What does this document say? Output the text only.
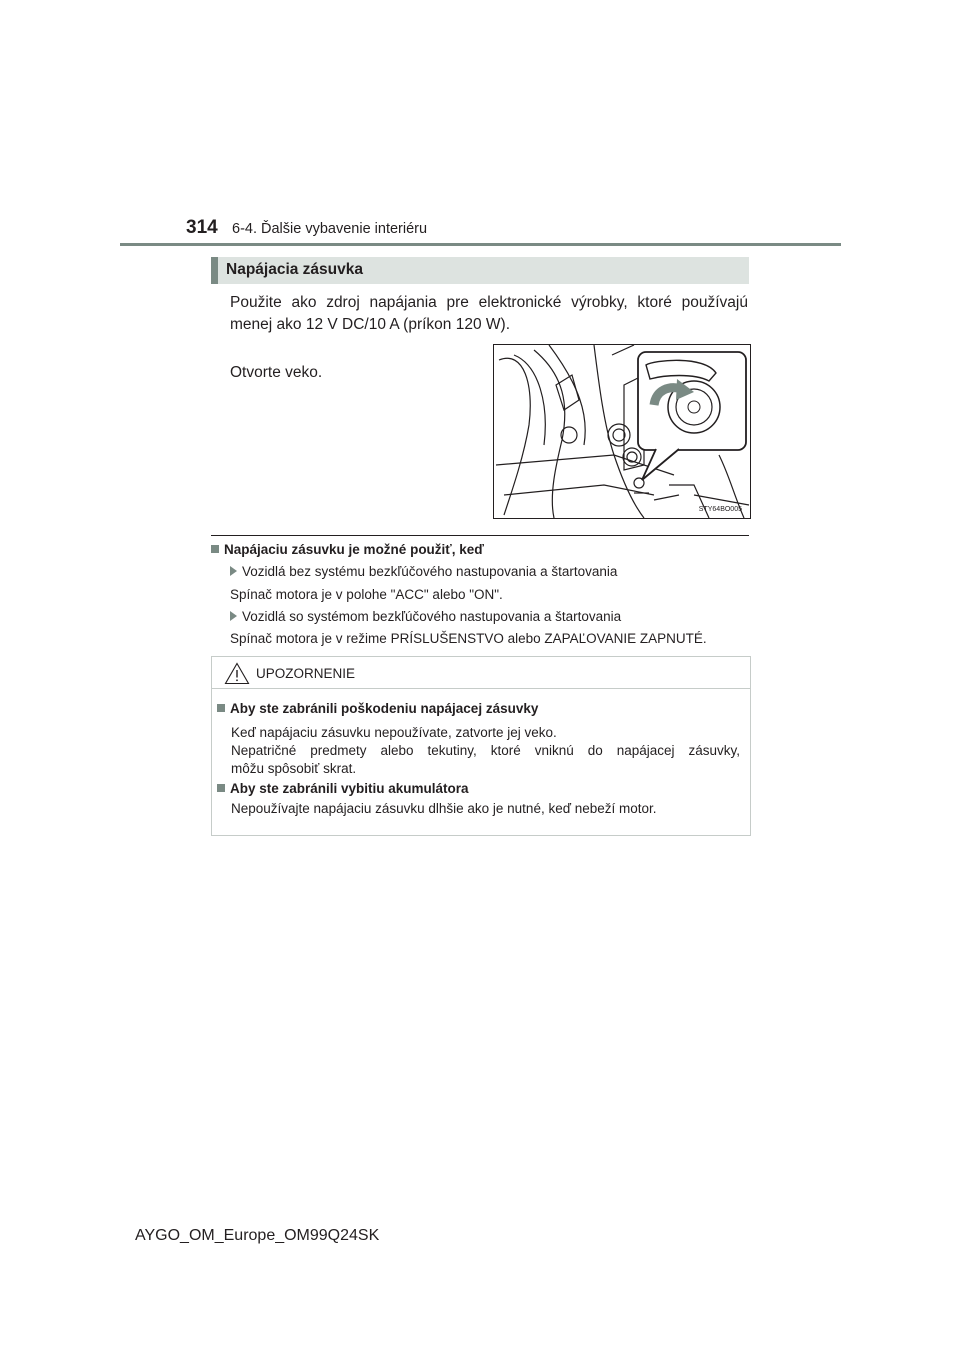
314 6-4. Ďalšie vybavenie interiéru
Napájacia zásuvka
Použite ako zdroj napájania pre elektronické výrobky, ktoré používajú menej ako 12 V DC/10 A (príkon 120 W).
Otvorte veko.
STY64BO005
Napájaciu zásuvku je možné použiť, keď
Vozidlá bez systému bezkľúčového nastupovania a štartovania
Spínač motora je v polohe "ACC" alebo "ON".
Vozidlá so systémom bezkľúčového nastupovania a štartovania
Spínač motora je v režime PRÍSLUŠENSTVO alebo ZAPAĽOVANIE ZAPNUTÉ.
UPOZORNENIE
Aby ste zabránili poškodeniu napájacej zásuvky
Keď napájaciu zásuvku nepoužívate, zatvorte jej veko.
Nepatričné predmety alebo tekutiny, ktoré vniknú do napájacej zásuvky,
môžu spôsobiť skrat.
Aby ste zabránili vybitiu akumulátora
Nepoužívajte napájaciu zásuvku dlhšie ako je nutné, keď nebeží motor.
AYGO_OM_Europe_OM99Q24SK
